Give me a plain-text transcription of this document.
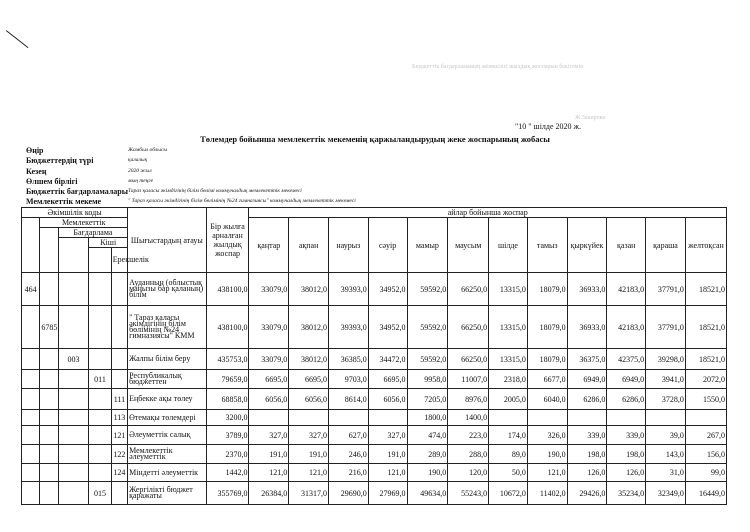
Бюджеттік бағдарламаның әкімшілігі жылдық жоспарын бекітемін
Ж.Закирова
"10 " шілде 2020 ж.
Төлемдер бойынша мемлекеттік мекеменің қаржыландырудың жеке жоспарының жобасы
Өңір	Жамбыл облысы
Бюджеттердің түрі	қалалық
Кезең	2020 жыл
Өлшем бірлігі	мың теңге
Бюджеттік бағдарламалары Тараз қаласы әкімдігінің білім бөлімі коммуналдық мемлекеттік мекемесі
Мемлекеттік мекеме	" Тараз қаласы әкімдігінің білім бөлімінің №24 гимназиясы" коммуналдық мемлекеттік мекемесі
Әкімшілік коды					Шығыстардың атауы	Бір жылға арналған жылдық жоспар	айлар бойынша жоспар											
	Мемлекеттік						қаңтар	ақпан	наурыз	сәуір	мамыр	маусым	шілде	тамыз	қыркүйек	қазан	қараша	желтоқсан
		Бағдарлама																
			Кіші															
				Ерекшелік														
464					Ауданның (облыстық маңызы бар қаланың) білім	438100,0	33079,0	38012,0	39393,0	34952,0	59592,0	66250,0	13315,0	18079,0	36933,0	42183,0	37791,0	18521,0
	6785				" Тараз қаласы әкімдігінің білім бөлімінің №24 гимназиясы" КММ	438100,0	33079,0	38012,0	39393,0	34952,0	59592,0	66250,0	13315,0	18079,0	36933,0	42183,0	37791,0	18521,0
		003			Жалпы білім беру	435753,0	33079,0	38012,0	36385,0	34472,0	59592,0	66250,0	13315,0	18079,0	36375,0	42375,0	39298,0	18521,0
			011		Республикалық бюджеттен	79659,0	6695,0	6695,0	9703,0	6695,0	9958,0	11007,0	2318,0	6677,0	6949,0	6949,0	3941,0	2072,0
				111	Еңбекке ақы төлеу	68858,0	6056,0	6056,0	8614,0	6056,0	7205,0	8976,0	2005,0	6040,0	6286,0	6286,0	3728,0	1550,0
				113	Өтемақы төлемдері	3200,0					1800,0	1400,0						
				121	Әлеуметтік салық	3789,0	327,0	327,0	627,0	327,0	474,0	223,0	174,0	326,0	339,0	339,0	39,0	267,0
				122	Мемлекеттік әлеуметтік	2370,0	191,0	191,0	246,0	191,0	289,0	288,0	89,0	190,0	198,0	198,0	143,0	156,0
				124	Міндетті әлеуметтік	1442,0	121,0	121,0	216,0	121,0	190,0	120,0	50,0	121,0	126,0	126,0	31,0	99,0
			015		Жергілікті бюджет қаражаты	355769,0	26384,0	31317,0	29690,0	27969,0	49634,0	55243,0	10672,0	11402,0	29426,0	35234,0	32349,0	16449,0
